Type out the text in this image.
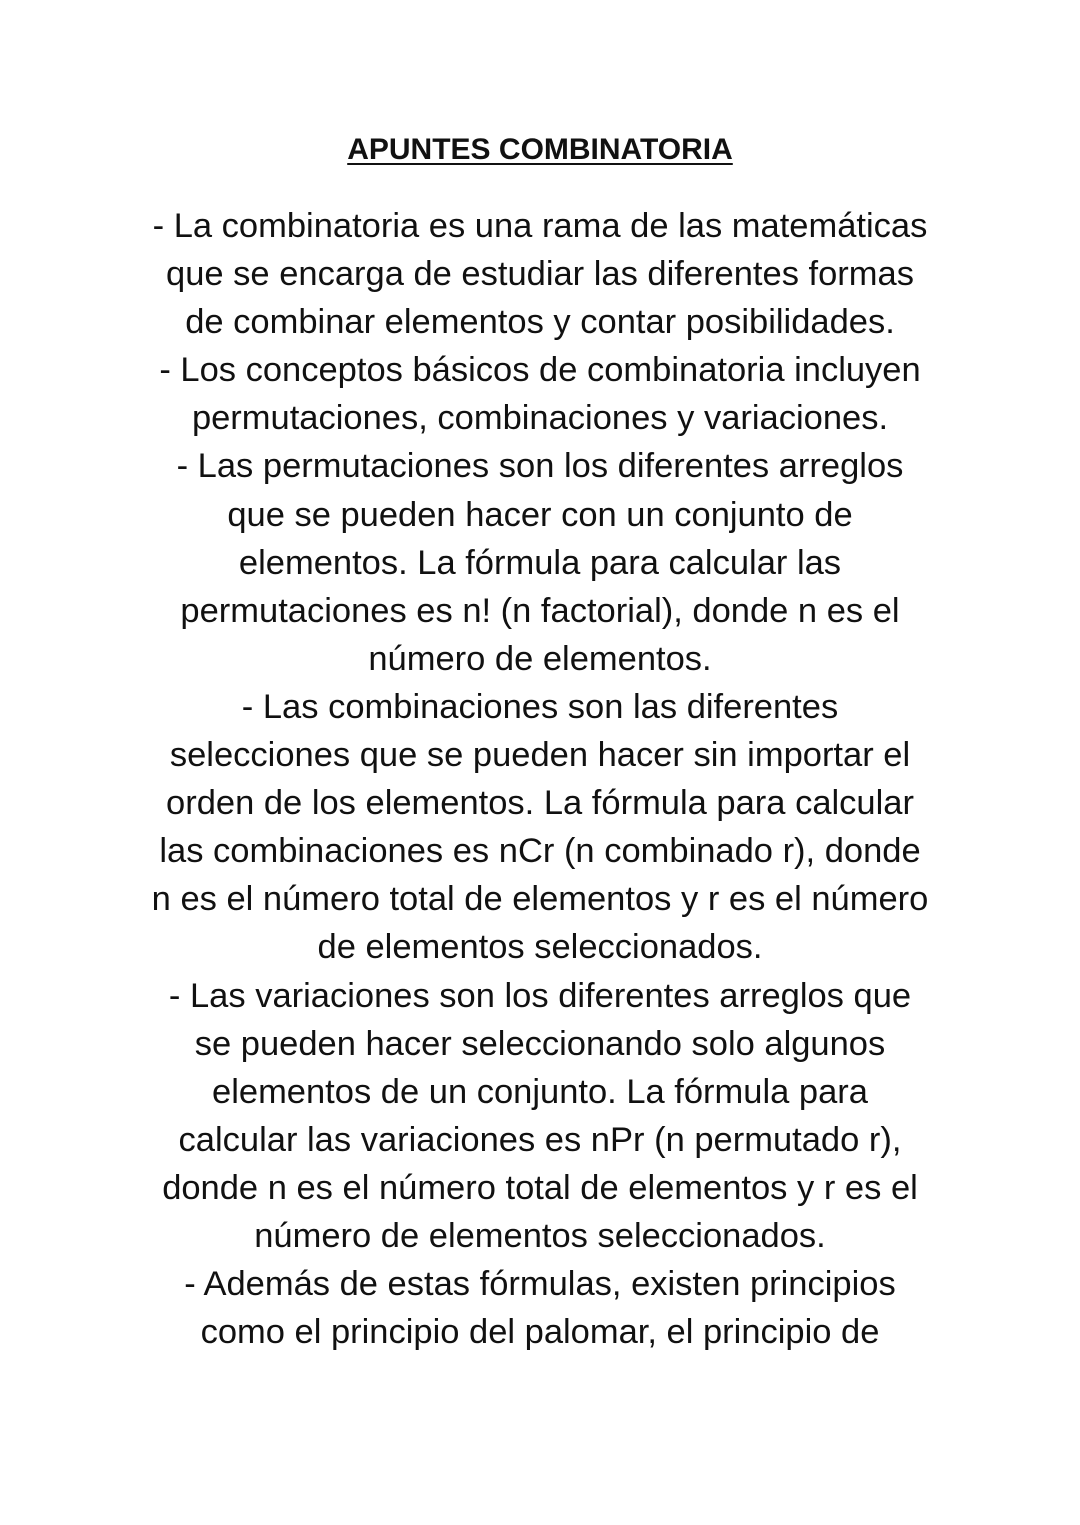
APUNTES COMBINATORIA
- La combinatoria es una rama de las matemáticas
que se encarga de estudiar las diferentes formas
de combinar elementos y contar posibilidades.
- Los conceptos básicos de combinatoria incluyen
permutaciones, combinaciones y variaciones.
- Las permutaciones son los diferentes arreglos
que se pueden hacer con un conjunto de
elementos. La fórmula para calcular las
permutaciones es n! (n factorial), donde n es el
número de elementos.
- Las combinaciones son las diferentes
selecciones que se pueden hacer sin importar el
orden de los elementos. La fórmula para calcular
las combinaciones es nCr (n combinado r), donde
n es el número total de elementos y r es el número
de elementos seleccionados.
- Las variaciones son los diferentes arreglos que
se pueden hacer seleccionando solo algunos
elementos de un conjunto. La fórmula para
calcular las variaciones es nPr (n permutado r),
donde n es el número total de elementos y r es el
número de elementos seleccionados.
- Además de estas fórmulas, existen principios
como el principio del palomar, el principio de
